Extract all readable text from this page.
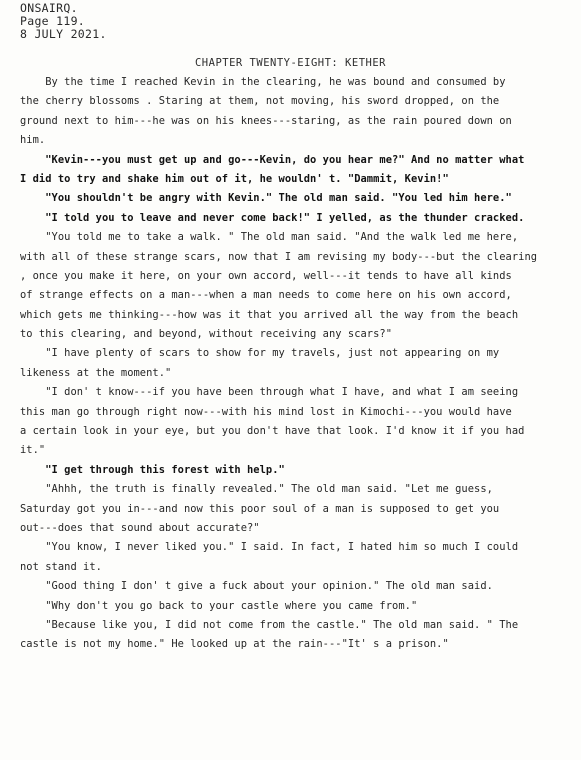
ONSAIRQ.
Page 119.
8 JULY 2021.
CHAPTER TWENTY-EIGHT: KETHER
By the time I reached Kevin in the clearing, he was bound and consumed by
the cherry blossoms . Staring at them, not moving, his sword dropped, on the
ground next to him---he was on his knees---staring, as the rain poured down on
him.
"Kevin---you must get up and go---Kevin, do you hear me?" And no matter what
I did to try and shake him out of it, he wouldn' t. "Dammit, Kevin!"
"You shouldn't be angry with Kevin." The old man said. "You led him here."
"I told you to leave and never come back!" I yelled, as the thunder cracked.
"You told me to take a walk. " The old man said. "And the walk led me here,
with all of these strange scars, now that I am revising my body---but the clearing
, once you make it here, on your own accord, well---it tends to have all kinds
of strange effects on a man---when a man needs to come here on his own accord,
which gets me thinking---how was it that you arrived all the way from the beach
to this clearing, and beyond, without receiving any scars?"
"I have plenty of scars to show for my travels, just not appearing on my
likeness at the moment."
"I don' t know---if you have been through what I have, and what I am seeing
this man go through right now---with his mind lost in Kimochi---you would have
a certain look in your eye, but you don't have that look. I'd know it if you had
it."
"I get through this forest with help."
"Ahhh, the truth is finally revealed." The old man said. "Let me guess,
Saturday got you in---and now this poor soul of a man is supposed to get you
out---does that sound about accurate?"
"You know, I never liked you." I said. In fact, I hated him so much I could
not stand it.
"Good thing I don' t give a fuck about your opinion." The old man said.
"Why don't you go back to your castle where you came from."
"Because like you, I did not come from the castle." The old man said. " The
castle is not my home." He looked up at the rain---"It' s a prison."
